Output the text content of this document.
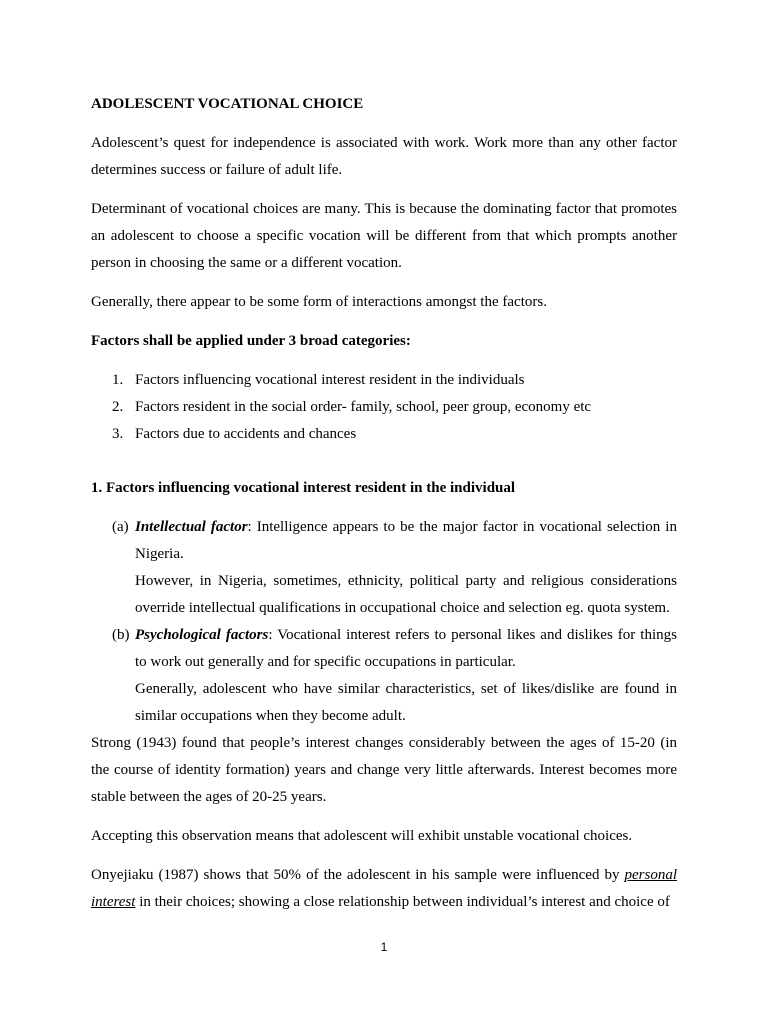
ADOLESCENT VOCATIONAL CHOICE

Adolescent’s quest for independence is associated with work. Work more than any other factor determines success or failure of adult life.

Determinant of vocational choices are many. This is because the dominating factor that promotes an adolescent to choose a specific vocation will be different from that which prompts another person in choosing the same or a different vocation.

Generally, there appear to be some form of interactions amongst the factors.

Factors shall be applied under 3 broad categories:

1. Factors influencing vocational interest resident in the individuals
2. Factors resident in the social order- family, school, peer group, economy etc
3. Factors due to accidents and chances

1. Factors influencing vocational interest resident in the individual

(a) Intellectual factor: Intelligence appears to be the major factor in vocational selection in Nigeria.

However, in Nigeria, sometimes, ethnicity, political party and religious considerations override intellectual qualifications in occupational choice and selection eg. quota system.

(b) Psychological factors: Vocational interest refers to personal likes and dislikes for things to work out generally and for specific occupations in particular.

Generally, adolescent who have similar characteristics, set of likes/dislike are found in similar occupations when they become adult.

Strong (1943) found that people’s interest changes considerably between the ages of 15-20 (in the course of identity formation) years and change very little afterwards. Interest becomes more stable between the ages of 20-25 years.

Accepting this observation means that adolescent will exhibit unstable vocational choices.

Onyejiaku (1987) shows that 50% of the adolescent in his sample were influenced by personal interest in their choices; showing a close relationship between individual’s interest and choice of

1
